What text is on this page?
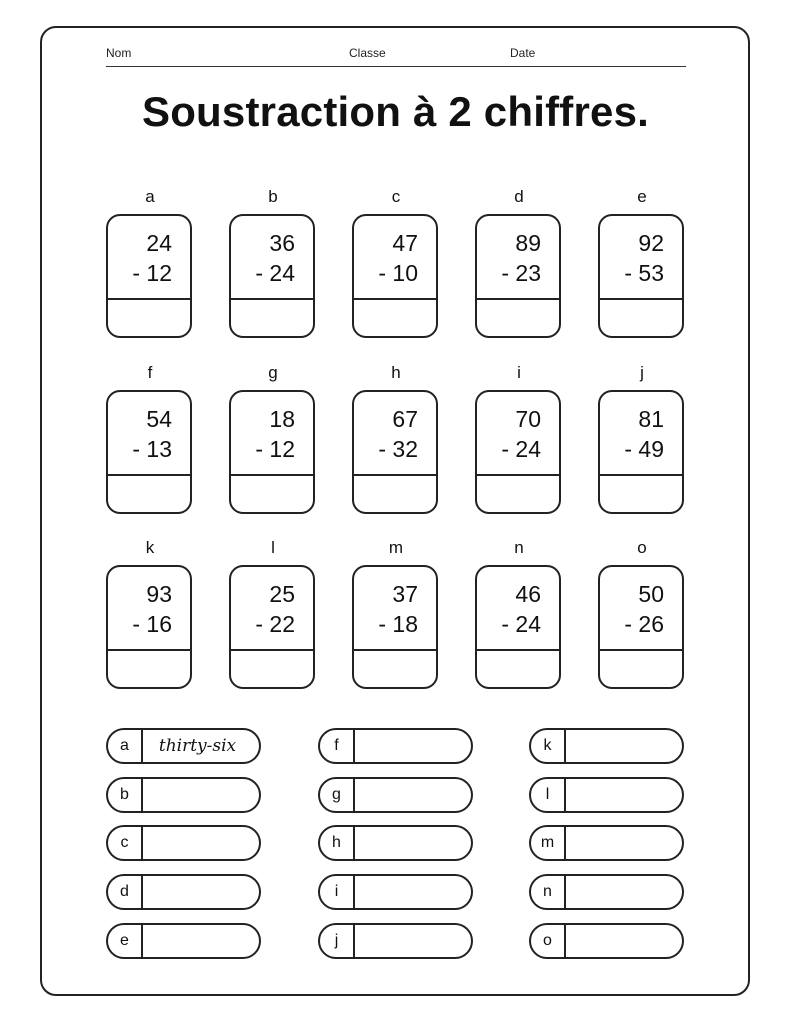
Nom	Classe	Date
Soustraction à 2 chiffres.
a
24
- 12
b
36
- 24
c
47
- 10
d
89
- 23
e
92
- 53
f
54
- 13
g
18
- 12
h
67
- 32
i
70
- 24
j
81
- 49
k
93
- 16
l
25
- 22
m
37
- 18
n
46
- 24
o
50
- 26
a	thirty-six
b
c
d
e
f
g
h
i
j
k
l
m
n
o
